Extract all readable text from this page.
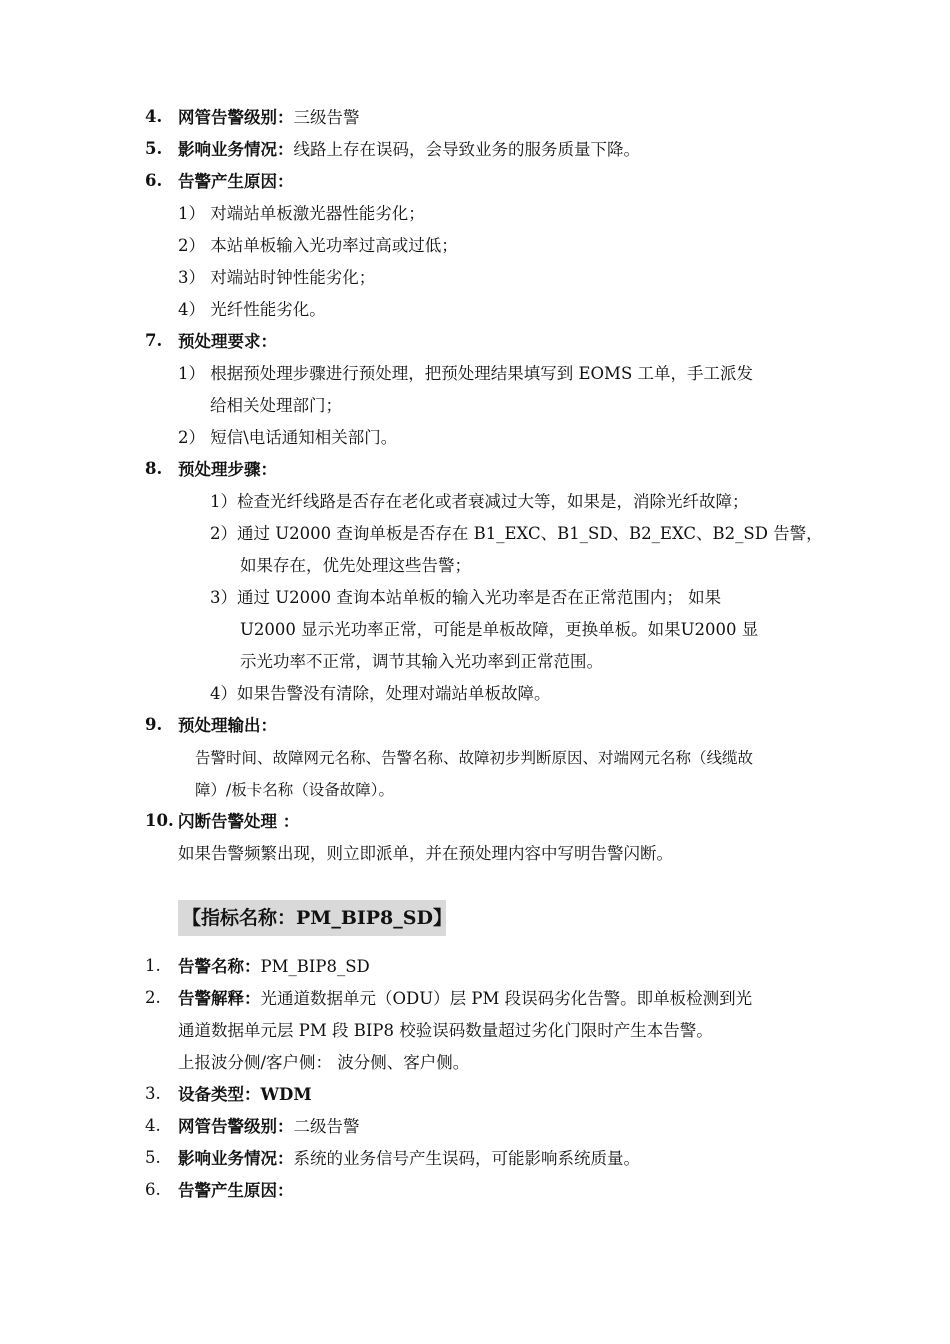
4. 网管告警级别：三级告警
5. 影响业务情况：线路上存在误码，会导致业务的服务质量下降。
6. 告警产生原因：
1） 对端站单板激光器性能劣化；
2） 本站单板输入光功率过高或过低；
3） 对端站时钟性能劣化；
4） 光纤性能劣化。
7. 预处理要求：
1） 根据预处理步骤进行预处理，把预处理结果填写到 EOMS 工单，手工派发
给相关处理部门；
2） 短信\电话通知相关部门。
8. 预处理步骤：
1）检查光纤线路是否存在老化或者衰减过大等，如果是，消除光纤故障；
2）通过 U2000 查询单板是否存在 B1_EXC、B1_SD、B2_EXC、B2_SD 告警，
如果存在，优先处理这些告警；
3）通过 U2000 查询本站单板的输入光功率是否在正常范围内； 如果
U2000 显示光功率正常，可能是单板故障，更换单板。如果U2000 显
示光功率不正常，调节其输入光功率到正常范围。
4）如果告警没有清除，处理对端站单板故障。
9. 预处理输出：
告警时间、故障网元名称、告警名称、故障初步判断原因、对端网元名称（线缆故
障）/板卡名称（设备故障）。
10. 闪断告警处理 ：
如果告警频繁出现，则立即派单，并在预处理内容中写明告警闪断。
【指标名称：PM_BIP8_SD】
1. 告警名称：PM_BIP8_SD
2. 告警解释：光通道数据单元（ODU）层 PM 段误码劣化告警。即单板检测到光
通道数据单元层 PM 段 BIP8 校验误码数量超过劣化门限时产生本告警。
上报波分侧/客户侧： 波分侧、客户侧。
3. 设备类型：WDM
4. 网管告警级别：二级告警
5. 影响业务情况：系统的业务信号产生误码，可能影响系统质量。
6. 告警产生原因：
